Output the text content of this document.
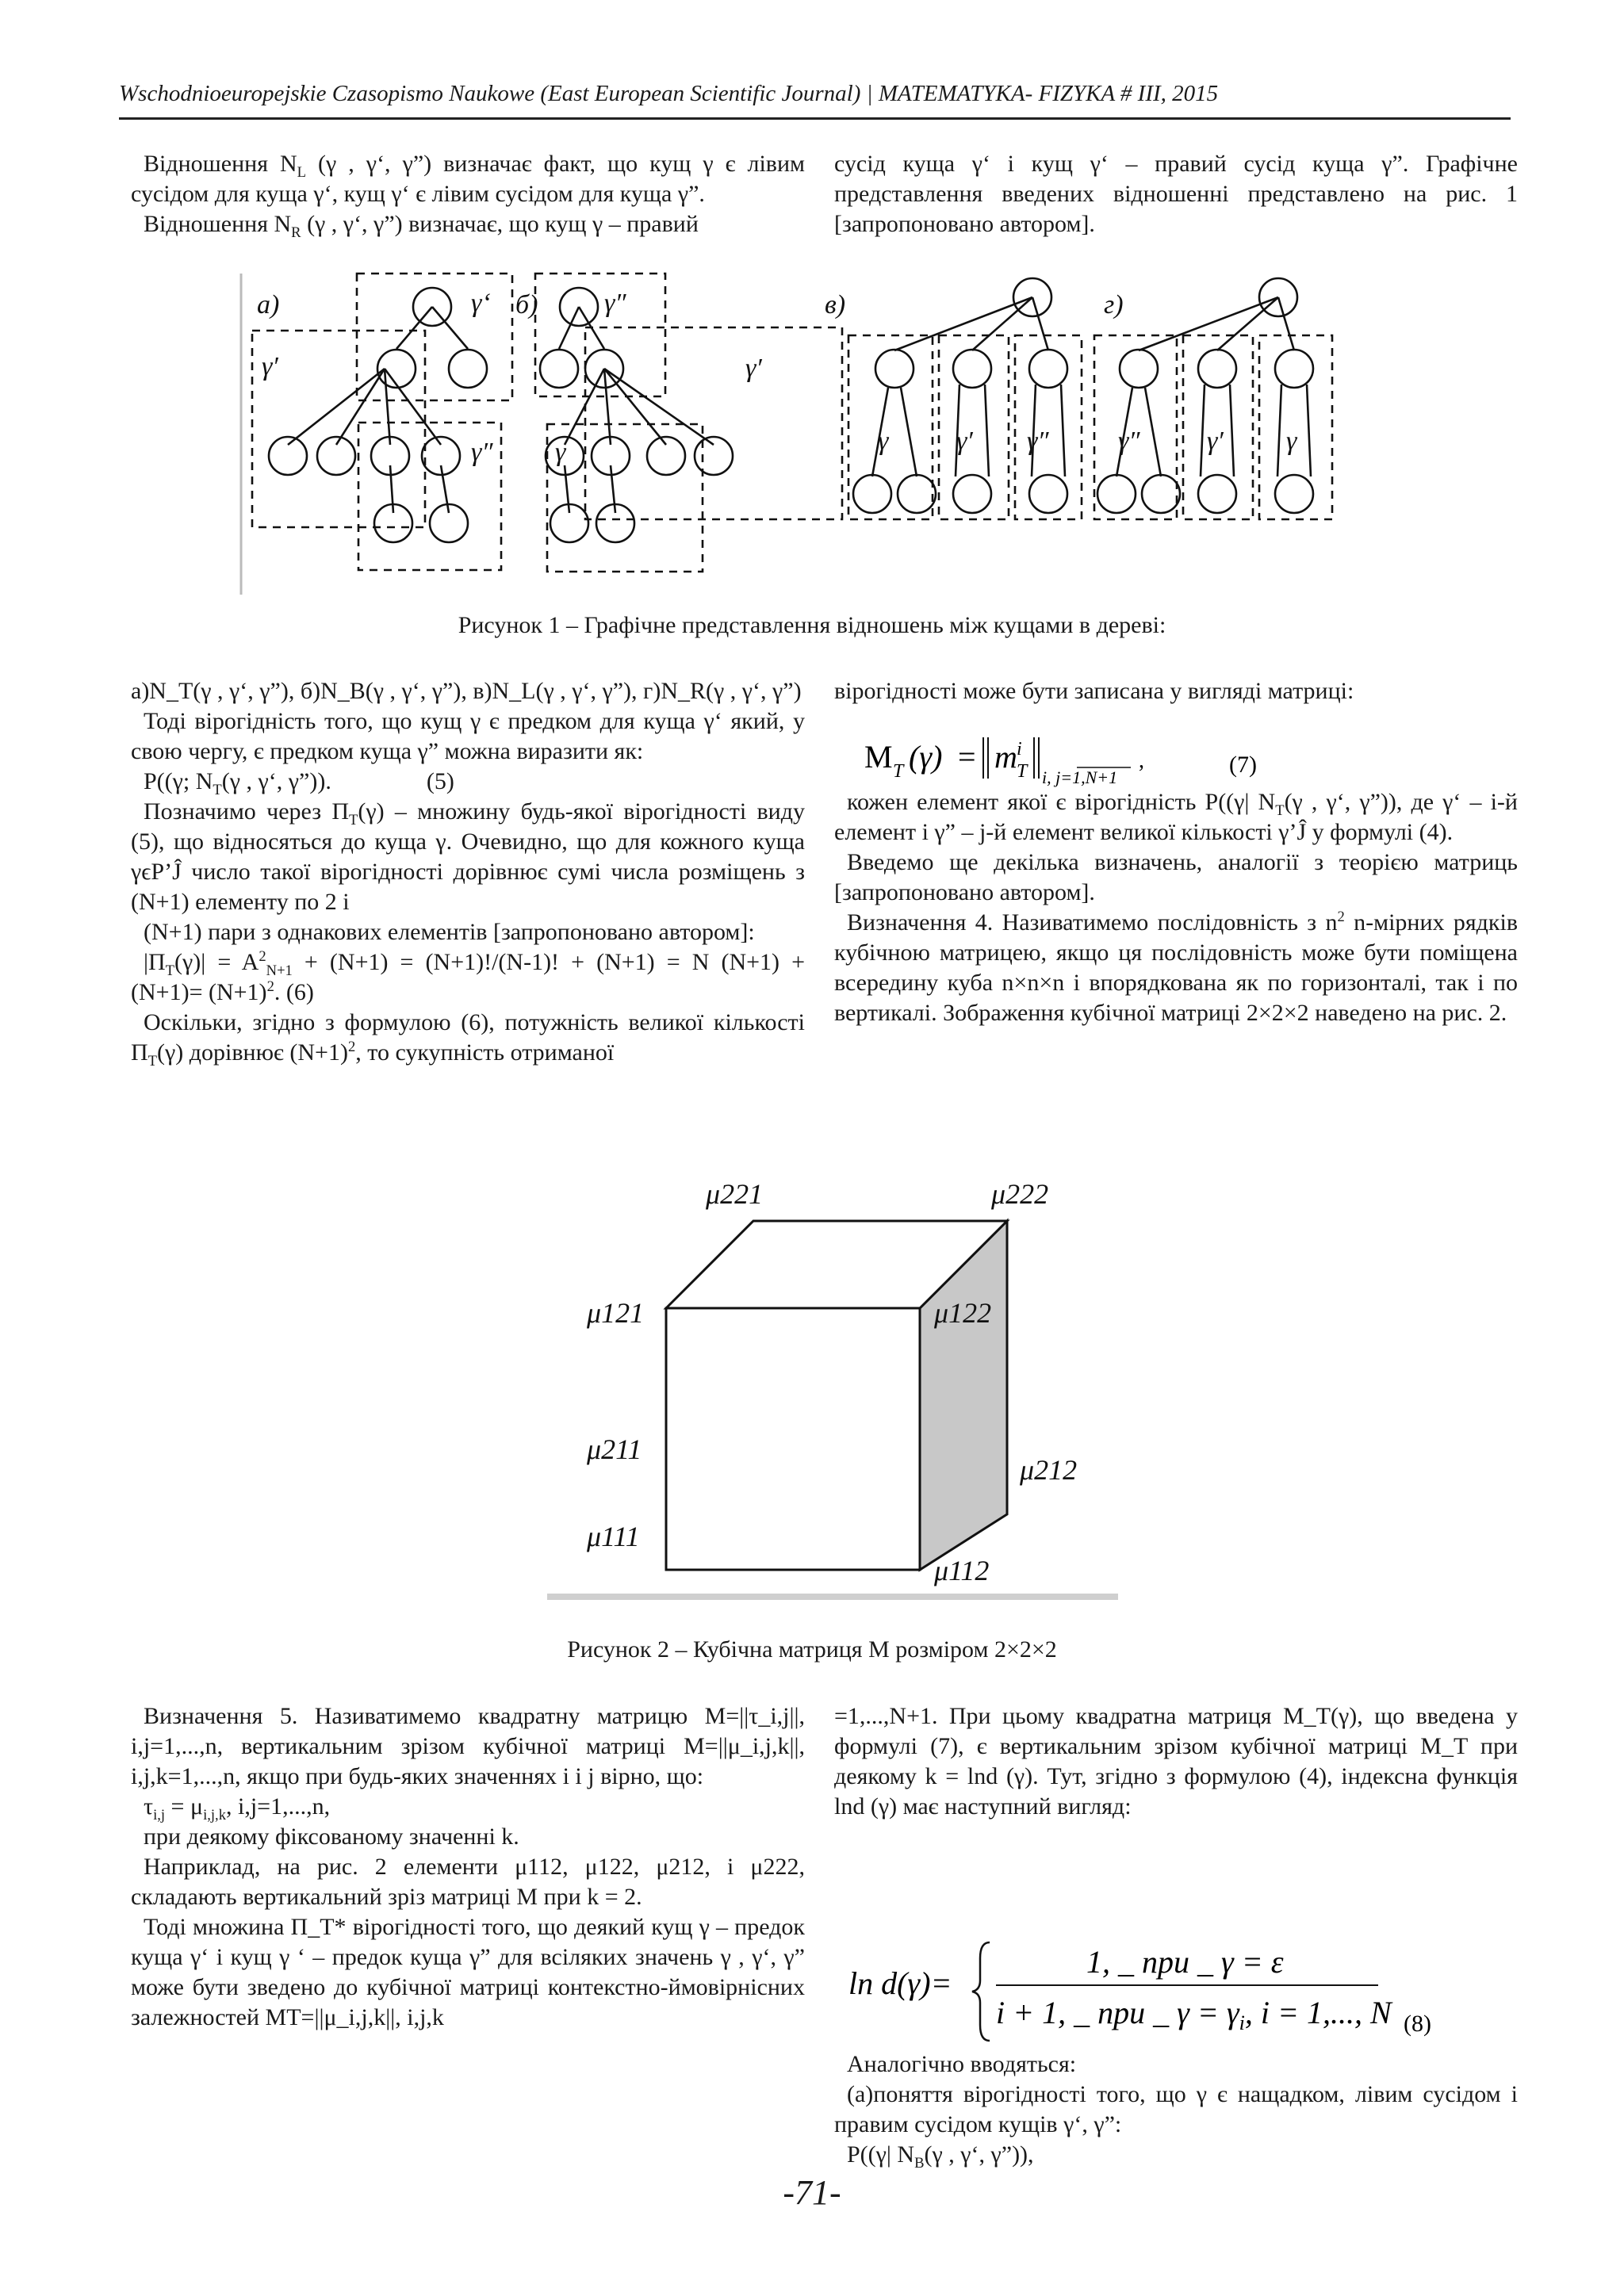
Wschodnioeuropejskie Czasopismo Naukowe (East European Scientific Journal) | MATEMATYKA- FIZYKA # III, 2015

Відношення $N_L$ (γ , γ‘, γ”) визначає факт, що кущ γ є лівим сусідом для куща γ‘, кущ γ‘ є лівим сусідом для куща γ”.

Відношення $N_R$ (γ , γ‘, γ”) визначає, що кущ γ – правий

сусід куща γ‘ і кущ γ‘ – правий сусід куща γ”. Графічне представлення введених відношенні представлено на рис. 1 [запропоновано автором].

а)	б)	в)	г)
γ‘
γ′
γ″
γ″
γ′
γ	γ	γ′ γ″	γ″ γ′ γ
Рисунок 1 – Графічне представлення відношень між кущами в дереві:

а)N_T(γ , γ‘, γ”), б)N_B(γ , γ‘, γ”), в)N_L(γ , γ‘, γ”), г)N_R(γ , γ‘, γ”)

Тоді вірогідність того, що кущ γ є предком для куща γ‘ який, у свою чергу, є предком куща γ” можна виразити як:

P((γ; $N_T(\gamma$ , γ‘, γ”)).	(5)

Позначимо через $П_T(\gamma)$ – множину будь-якої вірогідності виду (5), що відносяться до куща γ. Очевидно, що для кожного куща γϵP’Ĵ число такої вірогідності дорівнює сумі числа розміщень з (N+1) елементу по 2 і

(N+1) пари з однакових елементів [запропоновано автором]:

$|П_T(\gamma)| = A^2_{N+1} + (N+1) = (N+1)!/(N-1)$! + (N+1) = N $(N+1) + (N+1)= (N+1)^2$. (6)

Оскільки, згідно з формулою (6), потужність великої кількості $П_T(\gamma)$ дорівнює $(N+1)^2$, то сукупність отриманої

вірогідності може бути записана у вигляді матриці:

M T (γ) = m i
T i, j=1,N+1
,	(7)

кожен елемент якої є вірогідність P((γ| $N_T(\gamma$ , γ‘, γ”)), де γ‘ – i-й елемент і γ” – j-й елемент великої кількості γ’Ĵ у формулі (4).

Введемо ще декілька визначень, аналогії з теорією матриць [запропоновано автором].

Визначення 4. Називатимемо послідовність з $n^2$ n-мірних рядків кубічною матрицею, якщо ця послідовність може бути поміщена всередину куба n×n×n і впорядкована як по горизонталі, так і по вертикалі. Зображення кубічної матриці 2×2×2 наведено на рис. 2.

μ221	μ222
μ121	μ122
μ211
μ212
μ111
μ112
Рисунок 2 – Кубічна матриця M розміром 2×2×2

Визначення 5. Називатимемо квадратну матрицю M=||τ_i,j||, i,j=1,...,n, вертикальним зрізом кубічної матриці M=||μ_i,j,k||, i,j,k=1,...,n, якщо при будь-яких значеннях i і j вірно, що:

$\tau_{i,j} = \mu_{i,j,k}$, i,j=1,...,n,

при деякому фіксованому значенні k.

Наприклад, на рис. 2 елементи μ112, μ122, μ212, і μ222, складають вертикальний зріз матриці M при k = 2.

Тоді множина П_T* вірогідності того, що деякий кущ γ – предок куща γ‘ і кущ γ ‘ – предок куща γ” для всіляких значень γ , γ‘, γ” може бути зведено до кубічної матриці контекстно-ймовірнісних залежностей MT=||μ_i,j,k||, i,j,k

=1,...,N+1. При цьому квадратна матриця M_T(γ), що введена у формулі (7), є вертикальним зрізом кубічної матриці M_T при деякому k = lnd (γ). Тут, згідно з формулою (4), індексна функція lnd (γ) має наступний вигляд:

ln d(γ)=
1, _ при _ γ = ε
i + 1, _ при _ $\gamma = \gamma_i$, i = 1,..., N (8)

Аналогічно вводяться:

(а)поняття вірогідності того, що γ є нащадком, лівим сусідом і правим сусідом кущів γ‘, γ”:

P((γ| $N_B(\gamma$ , γ‘, γ”)),

-71-
